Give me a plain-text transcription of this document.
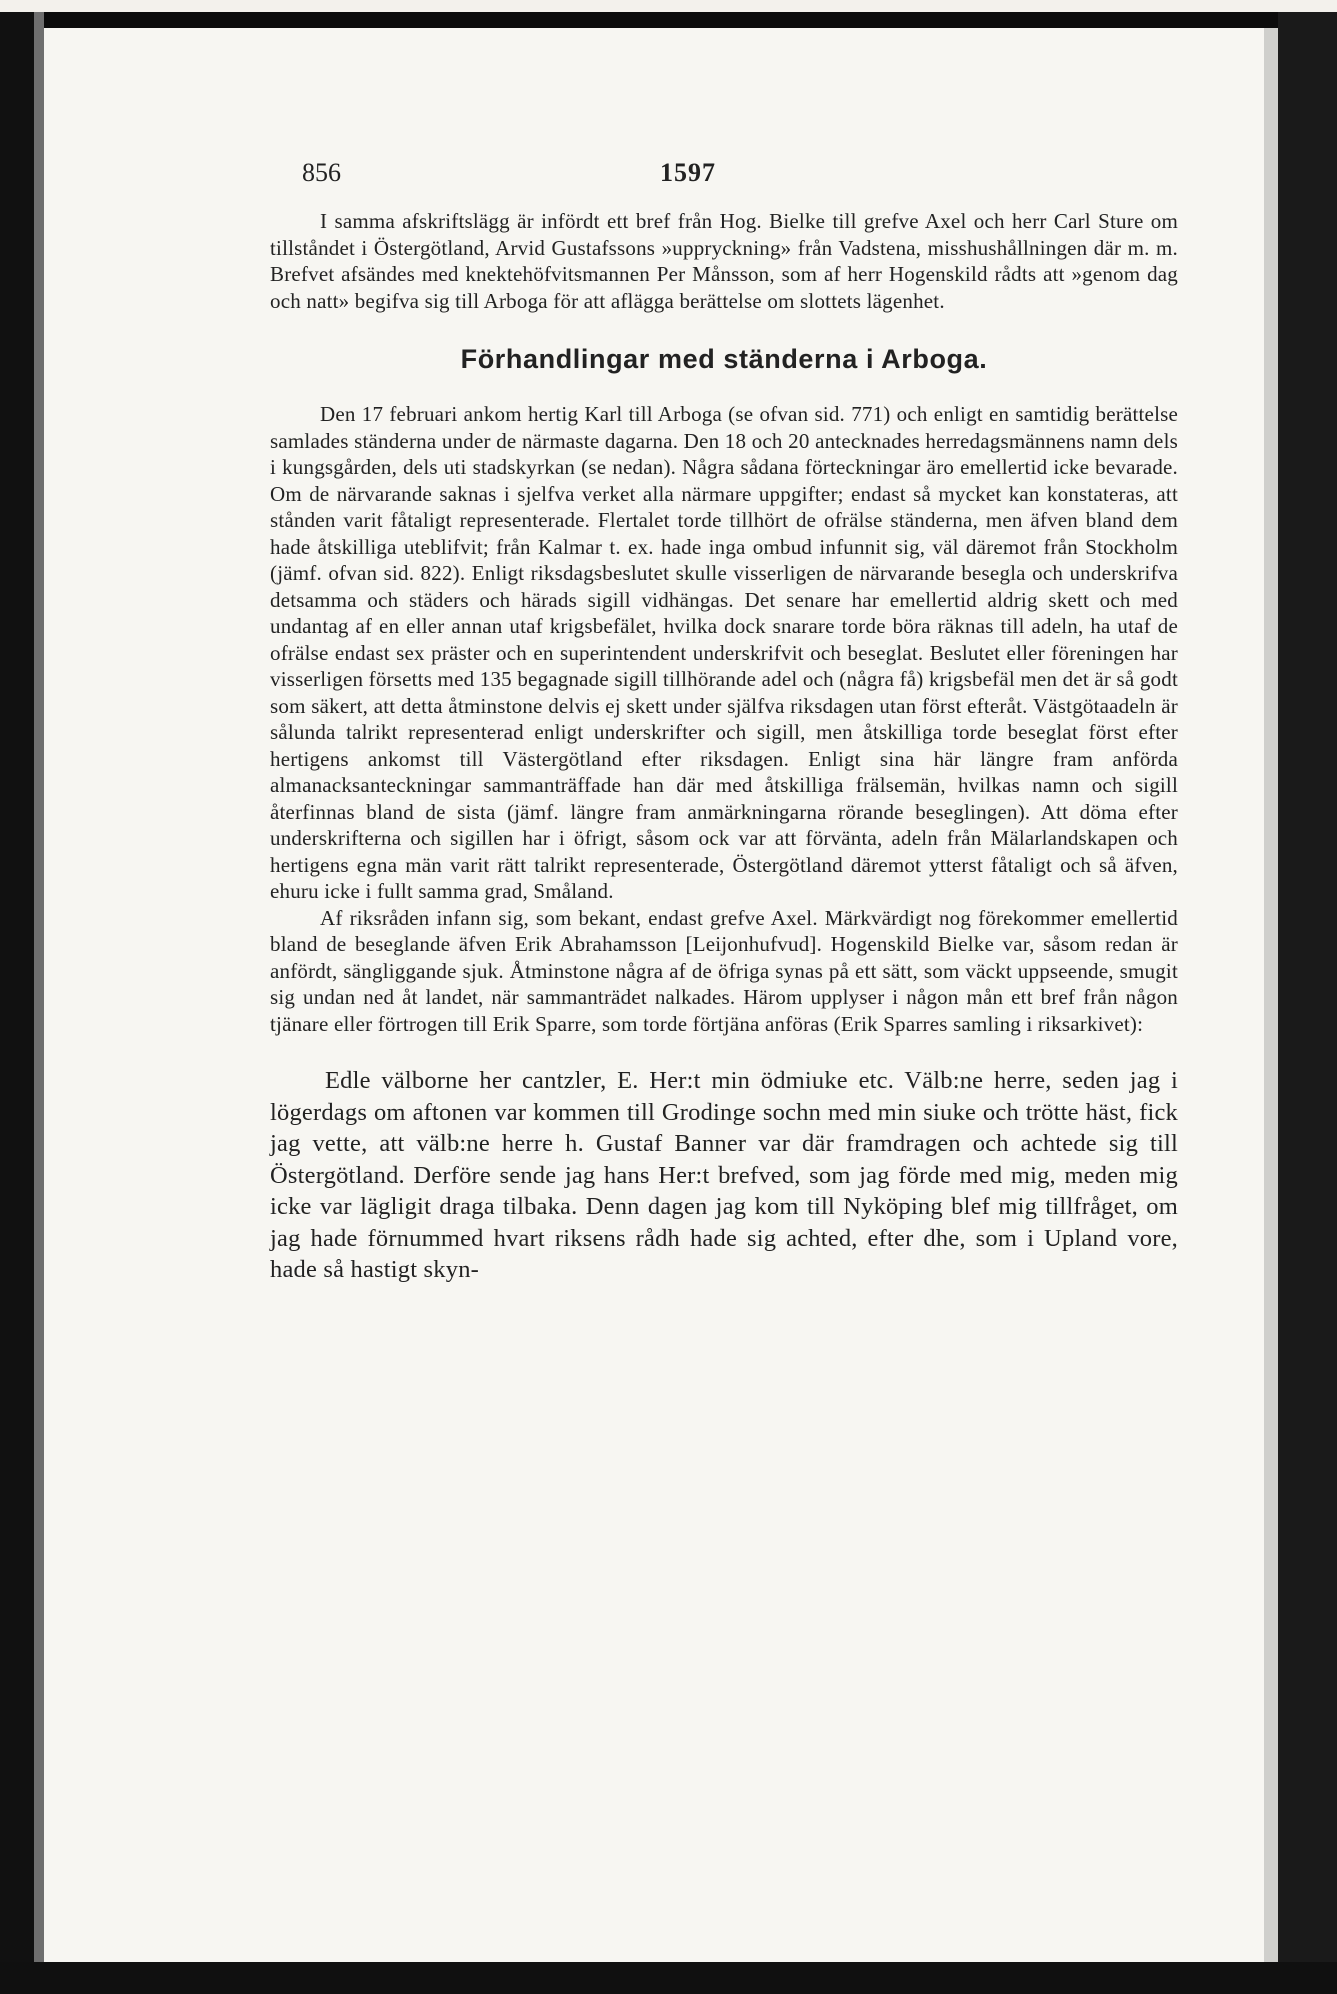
856	1597

I samma afskriftslägg är infördt ett bref från Hog. Bielke till grefve Axel och herr Carl Sture om tillståndet i Östergötland, Arvid Gustafssons »uppryckning» från Vadstena, misshushållningen där m. m. Brefvet afsändes med knektehöfvitsmannen Per Månsson, som af herr Hogenskild rådts att »genom dag och natt» begifva sig till Arboga för att aflägga berättelse om slottets lägenhet.

Förhandlingar med ständerna i Arboga.

Den 17 februari ankom hertig Karl till Arboga (se ofvan sid. 771) och enligt en samtidig berättelse samlades ständerna under de närmaste dagarna. Den 18 och 20 antecknades herredagsmännens namn dels i kungsgården, dels uti stadskyrkan (se nedan). Några sådana förteckningar äro emellertid icke bevarade. Om de närvarande saknas i sjelfva verket alla närmare uppgifter; endast så mycket kan konstateras, att stånden varit fåtaligt representerade. Flertalet torde tillhört de ofrälse ständerna, men äfven bland dem hade åtskilliga uteblifvit; från Kalmar t. ex. hade inga ombud infunnit sig, väl däremot från Stockholm (jämf. ofvan sid. 822). Enligt riksdagsbeslutet skulle visserligen de närvarande besegla och underskrifva detsamma och städers och härads sigill vidhängas. Det senare har emellertid aldrig skett och med undantag af en eller annan utaf krigsbefälet, hvilka dock snarare torde böra räknas till adeln, ha utaf de ofrälse endast sex präster och en superintendent underskrifvit och beseglat. Beslutet eller föreningen har visserligen försetts med 135 begagnade sigill tillhörande adel och (några få) krigsbefäl men det är så godt som säkert, att detta åtminstone delvis ej skett under själfva riksdagen utan först efteråt. Västgötaadeln är sålunda talrikt representerad enligt underskrifter och sigill, men åtskilliga torde beseglat först efter hertigens ankomst till Västergötland efter riksdagen. Enligt sina här längre fram anförda almanacksanteckningar sammanträffade han där med åtskilliga frälsemän, hvilkas namn och sigill återfinnas bland de sista (jämf. längre fram anmärkningarna rörande beseglingen). Att döma efter underskrifterna och sigillen har i öfrigt, såsom ock var att förvänta, adeln från Mälarlandskapen och hertigens egna män varit rätt talrikt representerade, Östergötland däremot ytterst fåtaligt och så äfven, ehuru icke i fullt samma grad, Småland.

Af riksråden infann sig, som bekant, endast grefve Axel. Märkvärdigt nog förekommer emellertid bland de beseglande äfven Erik Abrahamsson [Leijonhufvud]. Hogenskild Bielke var, såsom redan är anfördt, sängliggande sjuk. Åtminstone några af de öfriga synas på ett sätt, som väckt uppseende, smugit sig undan ned åt landet, när sammanträdet nalkades. Härom upplyser i någon mån ett bref från någon tjänare eller förtrogen till Erik Sparre, som torde förtjäna anföras (Erik Sparres samling i riksarkivet):

Edle välborne her cantzler, E. Her:t min ödmiuke etc. Välb:ne herre, seden jag i lögerdags om aftonen var kommen till Grodinge sochn med min siuke och trötte häst, fick jag vette, att välb:ne herre h. Gustaf Banner var där framdragen och achtede sig till Östergötland. Derföre sende jag hans Her:t brefved, som jag förde med mig, meden mig icke var lägligit draga tilbaka. Denn dagen jag kom till Nyköping blef mig tillfråget, om jag hade förnummed hvart riksens rådh hade sig achted, efter dhe, som i Upland vore, hade så hastigt skyn-
